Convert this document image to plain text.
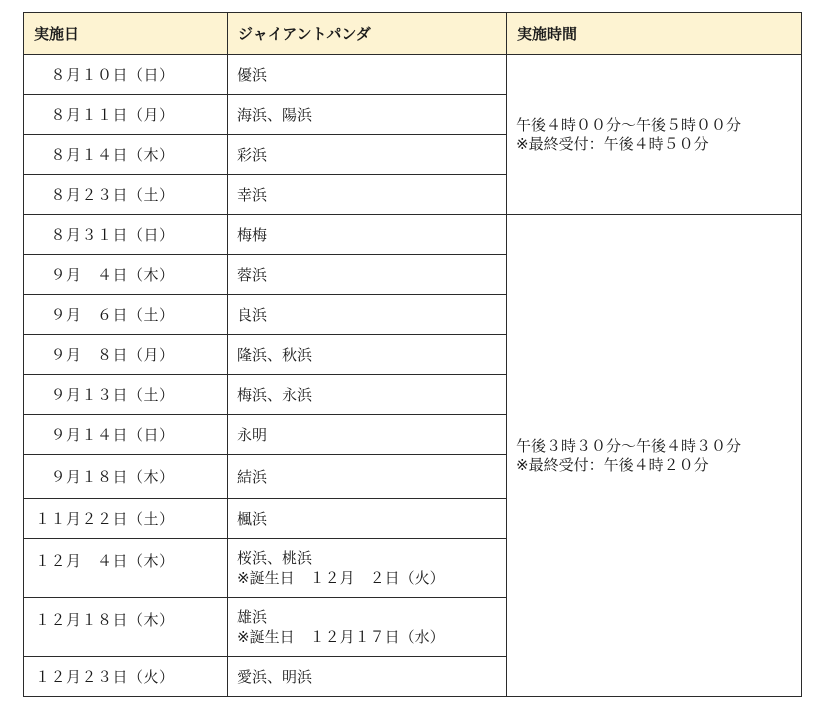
実施日	ジャイアントパンダ	実施時間
　８月１０日（日）	優浜	午後４時００分〜午後５時００分
※最終受付：午後４時５０分

　８月１１日（月）	海浜、陽浜	
　８月１４日（木）	彩浜	
　８月２３日（土）	幸浜	
　８月３１日（日）	梅梅	午後３時３０分〜午後４時３０分
※最終受付：午後４時２０分

　９月　４日（木）	蓉浜	
　９月　６日（土）	良浜	
　９月　８日（月）	隆浜、秋浜	
　９月１３日（土）	梅浜、永浜	
　９月１４日（日）	永明	
　９月１８日（木）	結浜	
１１月２２日（土）	楓浜	
１２月　４日（木）	桜浜、桃浜
※誕生日　１２月　２日（火）	

１２月１８日（木）	雄浜
※誕生日　１２月１７日（水）	

１２月２３日（火）	愛浜、明浜	
